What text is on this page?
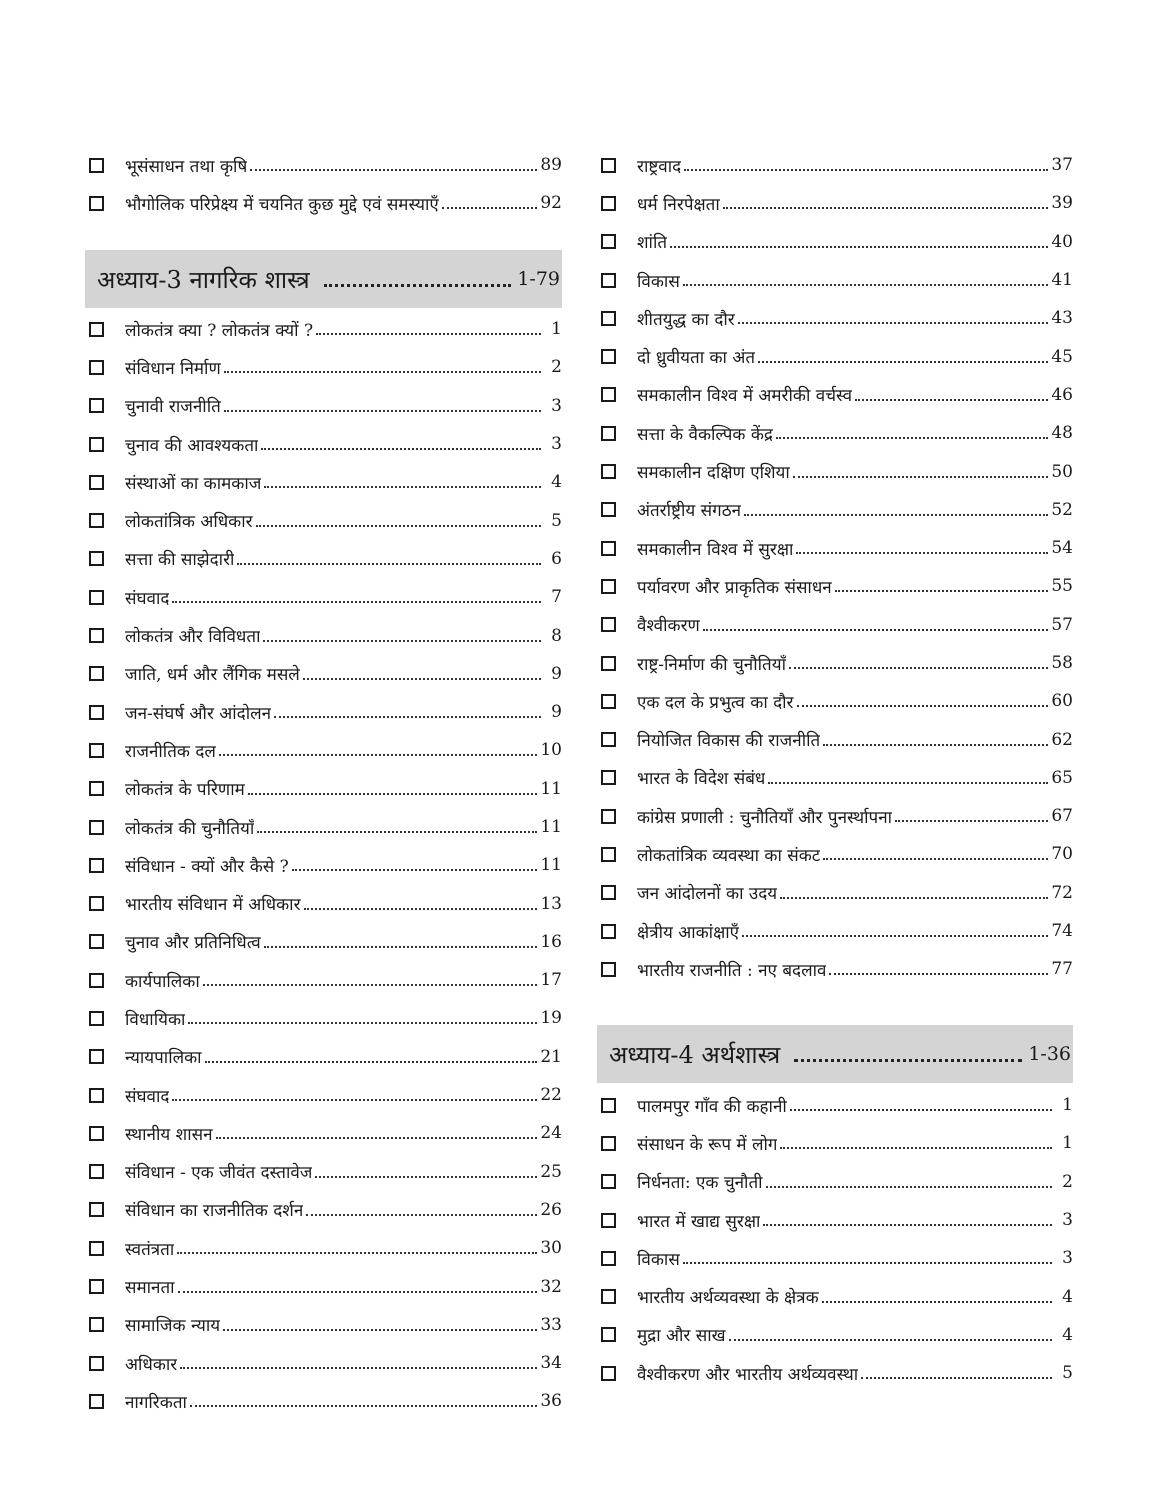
भूसंसाधन तथा कृषि	89
भौगोलिक परिप्रेक्ष्य में चयनित कुछ मुद्दे एवं समस्याएँ	92
अध्याय-3 नागरिक शास्त्र	1-79
लोकतंत्र क्या ? लोकतंत्र क्यों ?	1
संविधान निर्माण	2
चुनावी राजनीति	3
चुनाव की आवश्यकता	3
संस्थाओं का कामकाज	4
लोकतांत्रिक अधिकार	5
सत्ता की साझेदारी	6
संघवाद	7
लोकतंत्र और विविधता	8
जाति, धर्म और लैंगिक मसले	9
जन-संघर्ष और आंदोलन	9
राजनीतिक दल	10
लोकतंत्र के परिणाम	11
लोकतंत्र की चुनौतियाँ	11
संविधान - क्यों और कैसे ?	11
भारतीय संविधान में अधिकार	13
चुनाव और प्रतिनिधित्व	16
कार्यपालिका	17
विधायिका	19
न्यायपालिका	21
संघवाद	22
स्थानीय शासन	24
संविधान - एक जीवंत दस्तावेज	25
संविधान का राजनीतिक दर्शन	26
स्वतंत्रता	30
समानता	32
सामाजिक न्याय	33
अधिकार	34
नागरिकता	36
राष्ट्रवाद	37
धर्म निरपेक्षता	39
शांति	40
विकास	41
शीतयुद्ध का दौर	43
दो ध्रुवीयता का अंत	45
समकालीन विश्व में अमरीकी वर्चस्व	46
सत्ता के वैकल्पिक केंद्र	48
समकालीन दक्षिण एशिया	50
अंतर्राष्ट्रीय संगठन	52
समकालीन विश्व में सुरक्षा	54
पर्यावरण और प्राकृतिक संसाधन	55
वैश्वीकरण	57
राष्ट्र-निर्माण की चुनौतियाँ	58
एक दल के प्रभुत्व का दौर	60
नियोजित विकास की राजनीति	62
भारत के विदेश संबंध	65
कांग्रेस प्रणाली : चुनौतियाँ और पुनर्स्थापना	67
लोकतांत्रिक व्यवस्था का संकट	70
जन आंदोलनों का उदय	72
क्षेत्रीय आकांक्षाएँ	74
भारतीय राजनीति : नए बदलाव	77
अध्याय-4 अर्थशास्त्र	1-36
पालमपुर गाँव की कहानी	1
संसाधन के रूप में लोग	1
निर्धनता: एक चुनौती	2
भारत में खाद्य सुरक्षा	3
विकास	3
भारतीय अर्थव्यवस्था के क्षेत्रक	4
मुद्रा और साख	4
वैश्वीकरण और भारतीय अर्थव्यवस्था	5
